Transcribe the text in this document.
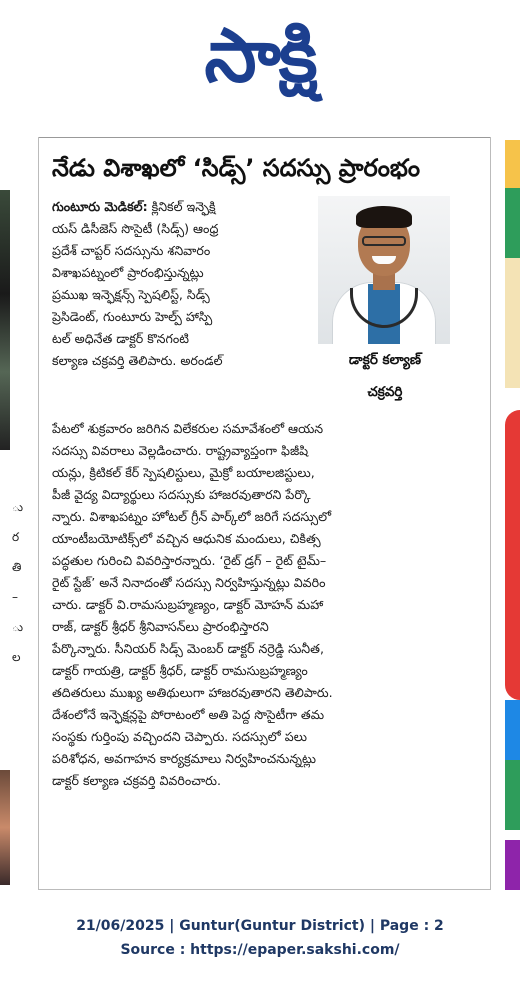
సాక్షి
ు
ర
తి
–
ు
ల
నేడు విశాఖలో ‘సిడ్స్‌’ సదస్సు ప్రారంభం
డాక్టర్‌ కల్యాణ్‌
చక్రవర్తి
గుంటూరు మెడికల్‌: క్లినికల్‌ ఇన్ఫెక్షి
యస్‌ డిసీజెస్‌ సొసైటీ (సిడ్స్‌) ఆంధ్ర
ప్రదేశ్‌ చాప్టర్‌ సదస్సును శనివారం
విశాఖపట్నంలో ప్రారంభిస్తున్నట్లు
ప్రముఖ ఇన్ఫెక్షన్స్‌ స్పెషలిస్ట్‌, సిడ్స్‌
ప్రెసిడెంట్‌, గుంటూరు హెల్ప్‌ హాస్పి
టల్‌ అధినేత డాక్టర్‌ కొనగంటి
కల్యాణ చక్రవర్తి తెలిపారు. అరండల్‌
పేటలో శుక్రవారం జరిగిన విలేకరుల సమావేశంలో ఆయన
సదస్సు వివరాలు వెల్లడించారు. రాష్ట్రవ్యాప్తంగా ఫిజీషి
యన్లు, క్రిటికల్‌ కేర్‌ స్పెషలిస్టులు, మైక్రో బయాలజిస్టులు,
పీజీ వైద్య విద్యార్థులు సదస్సుకు హాజరవుతారని పేర్కొ
న్నారు. విశాఖపట్నం హోటల్‌ గ్రీన్‌ పార్క్‌లో జరిగే సదస్సులో
యాంటీబయోటిక్స్‌లో వచ్చిన ఆధునిక మందులు, చికిత్స
పద్ధతుల గురించి వివరిస్తారన్నారు. ‘రైట్‌ డ్రగ్‌ – రైట్‌ టైమ్‌–
రైట్‌ స్టేజ్‌’ అనే నినాదంతో సదస్సు నిర్వహిస్తున్నట్లు వివరిం
చారు. డాక్టర్‌ వి.రామసుబ్రహ్మణ్యం, డాక్టర్‌ మోహన్‌ మహా
రాజ్‌, డాక్టర్‌ శ్రీధర్‌ శ్రీనివాసన్‌లు ప్రారంభిస్తారని
పేర్కొన్నారు. సీనియర్‌ సిడ్స్‌ మెంబర్‌ డాక్టర్‌ నర్రెడ్డి సునీత,
డాక్టర్‌ గాయత్రి, డాక్టర్‌ శ్రీధర్‌, డాక్టర్‌ రామసుబ్రహ్మణ్యం
తదితరులు ముఖ్య అతిథులుగా హాజరవుతారని తెలిపారు.
దేశంలోనే ఇన్ఫెక్షన్లపై పోరాటంలో అతి పెద్ద సొసైటీగా తమ
సంస్థకు గుర్తింపు వచ్చిందని చెప్పారు. సదస్సులో పలు
పరిశోధన, అవగాహన కార్యక్రమాలు నిర్వహించనున్నట్లు
డాక్టర్‌ కల్యాణ చక్రవర్తి వివరించారు.
21/06/2025 | Guntur(Guntur District) | Page : 2
Source : https://epaper.sakshi.com/
